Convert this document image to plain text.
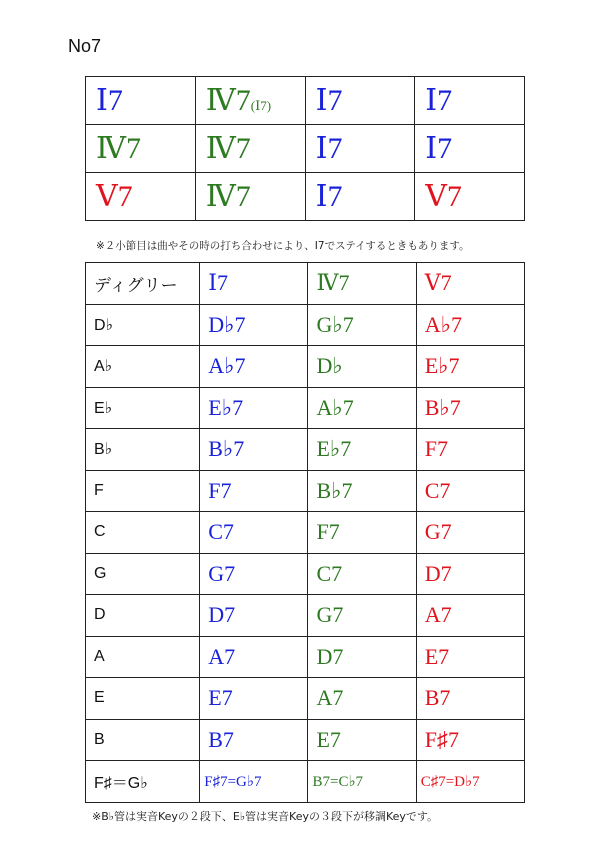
No7
Ⅰ7	Ⅳ7(Ⅰ7)	Ⅰ7	Ⅰ7
Ⅳ7	Ⅳ7	Ⅰ7	Ⅰ7
Ⅴ7	Ⅳ7	Ⅰ7	Ⅴ7
※２小節目は曲やその時の打ち合わせにより、Ⅰ7でステイするときもあります。
ディグリー	Ⅰ7	Ⅳ7	Ⅴ7
D♭	D♭7	G♭7	A♭7
A♭	A♭7	D♭	E♭7
E♭	E♭7	A♭7	B♭7
B♭	B♭7	E♭7	F7
F	F7	B♭7	C7
C	C7	F7	G7
G	G7	C7	D7
D	D7	G7	A7
A	A7	D7	E7
E	E7	A7	B7
B	B7	E7	F♯7
F♯＝G♭	F♯7=G♭7	B7=C♭7	C♯7=D♭7
※B♭管は実音Keyの２段下、E♭管は実音Keyの３段下が移調Keyです。
